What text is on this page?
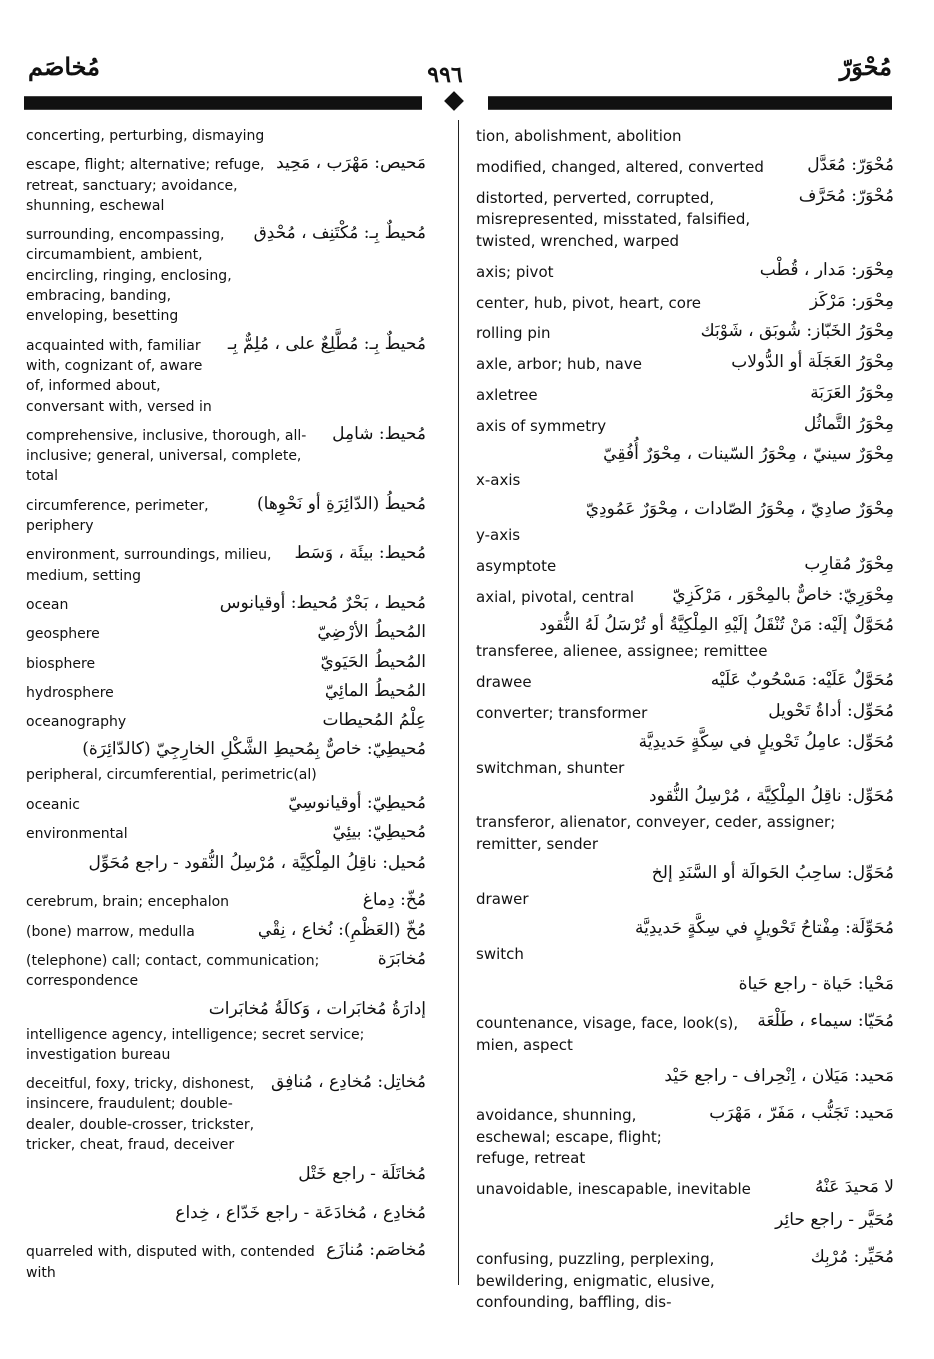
مُخاصَم	٩٩٦	مُحْوَرّ
concerting, perturbing, dismaying
مَحيص: مَهْرَب ، مَحِيد
escape, flight; alternative; refuge, retreat, sanctuary; avoidance, shunning, eschewal
مُحيطٌ بِـ: مُكْتَنِف ، مُحْدِق
surrounding, encompassing, circumambient, ambient, encircling, ringing, enclosing, embracing, banding, enveloping, besetting
مُحيطٌ بِـ: مُطَّلِعٌ على ، مُلِمٌّ بِـ
acquainted with, familiar with, cognizant of, aware of, informed about, conversant with, versed in
مُحيط: شامِل
comprehensive, inclusive, thorough, all-inclusive; general, universal, complete, total
مُحيطُ (الدّائِرَةِ أو نَحْوِها)
circumference, perimeter, periphery
مُحيط: بيئَة ، وَسَط
environment, surroundings, milieu, medium, setting
مُحيط ، بَحْرٌ مُحيط: أوقيانوس
ocean
المُحيطُ الأرْضِيّ
geosphere
المُحيطُ الحَيَويّ
biosphere
المُحيطُ المائِيّ
hydrosphere
عِلْمُ المُحيطات
oceanography
مُحيطِيّ: خاصٌّ بِمُحيطِ الشَّكْلِ الخارِجِيّ (كالدّائِرَة)
peripheral, circumferential, perimetric(al)
مُحيطِيّ: أوقيانوسِيّ
oceanic
مُحيطِيّ: بيئِيّ
environmental
مُحيل: ناقِلُ المِلْكِيَّة ، مُرْسِلُ النُّقود - راجع مُحَوِّل
مُخّ: دِماغ
cerebrum, brain; encephalon
مُخّ (العَظْمِ): نُخاع ، نِقْي
(bone) marrow, medulla
مُخابَرَة
(telephone) call; contact, communication; correspondence
إدارَةُ مُخابَرات ، وَكالَةُ مُخابَرات
intelligence agency, intelligence; secret service; investigation bureau
مُخاتِل: مُخادِع ، مُنافِق
deceitful, foxy, tricky, dishonest, insincere, fraudulent; double-dealer, double-crosser, trickster, tricker, cheat, fraud, deceiver
مُخاتَلَة - راجع خَتْل
مُخادِع ، مُخادَعَة - راجع خَدّاع ، خِداع
مُخاصَم: مُنازَع
quarreled with, disputed with, contended with
tion, abolishment, abolition
مُحْوَرّ: مُعَدَّل
modified, changed, altered, converted
مُحْوَرّ: مُحَرَّف
distorted, perverted, corrupted, misrepresented, misstated, falsified, twisted, wrenched, warped
مِحْوَر: مَدار ، قُطْب
axis; pivot
مِحْوَر: مَرْكَز
center, hub, pivot, heart, core
مِحْوَرُ الخَبّاز: شُوبَق ، شَوْبَك
rolling pin
مِحْوَرُ العَجَلَة أو الدُّولاب
axle, arbor; hub, nave
مِحْوَرُ العَرَبَة
axletree
مِحْوَرُ التَّماثُل
axis of symmetry
مِحْوَرٌ سينيّ ، مِحْوَرُ السّينات ، مِحْوَرٌ أُفُقِيّ
x-axis
مِحْوَرٌ صادِيّ ، مِحْوَرُ الصّادات ، مِحْوَرٌ عَمُودِيّ
y-axis
مِحْوَرٌ مُقارِب
asymptote
مِحْوَرِيّ: خاصٌّ بالمِحْوَر ، مَرْكَزِيّ
axial, pivotal, central
مُحَوَّلٌ إلَيْه: مَنْ تُنْقَلُ إلَيْهِ المِلْكِيَّةُ أو تُرْسَلُ لَهُ النُّقود
transferee, alienee, assignee; remittee
مُحَوَّلٌ عَلَيْه: مَسْحُوبٌ عَلَيْه
drawee
مُحَوِّل: أداةُ تَحْويل
converter; transformer
مُحَوِّل: عامِلُ تَحْويلٍ في سِكَّةٍ حَديدِيَّة
switchman, shunter
مُحَوِّل: ناقِلُ المِلْكِيَّة ، مُرْسِلُ النُّقود
transferor, alienator, conveyer, ceder, assigner; remitter, sender
مُحَوِّل: ساحِبُ الحَوالَة أو السَّنَدِ إلخ
drawer
مُحَوِّلَة: مِفْتاحُ تَحْويلٍ في سِكَّةٍ حَديدِيَّة
switch
مَحْيا: حَياة - راجع حَياة
مُحَيّا: سيماء ، طَلْعَة
countenance, visage, face, look(s), mien, aspect
مَحيد: مَيَلان ، اِنْحِراف - راجع حَيْد
مَحيد: تَجَنُّب ، مَفَرّ ، مَهْرَب
avoidance, shunning, eschewal; escape, flight; refuge, retreat
لا مَحيدَ عَنْهُ
unavoidable, inescapable, inevitable
مُحَيَّر - راجع حائِر
مُحَيِّر: مُرْبِك
confusing, puzzling, perplexing, bewildering, enigmatic, elusive, confounding, baffling, dis-
